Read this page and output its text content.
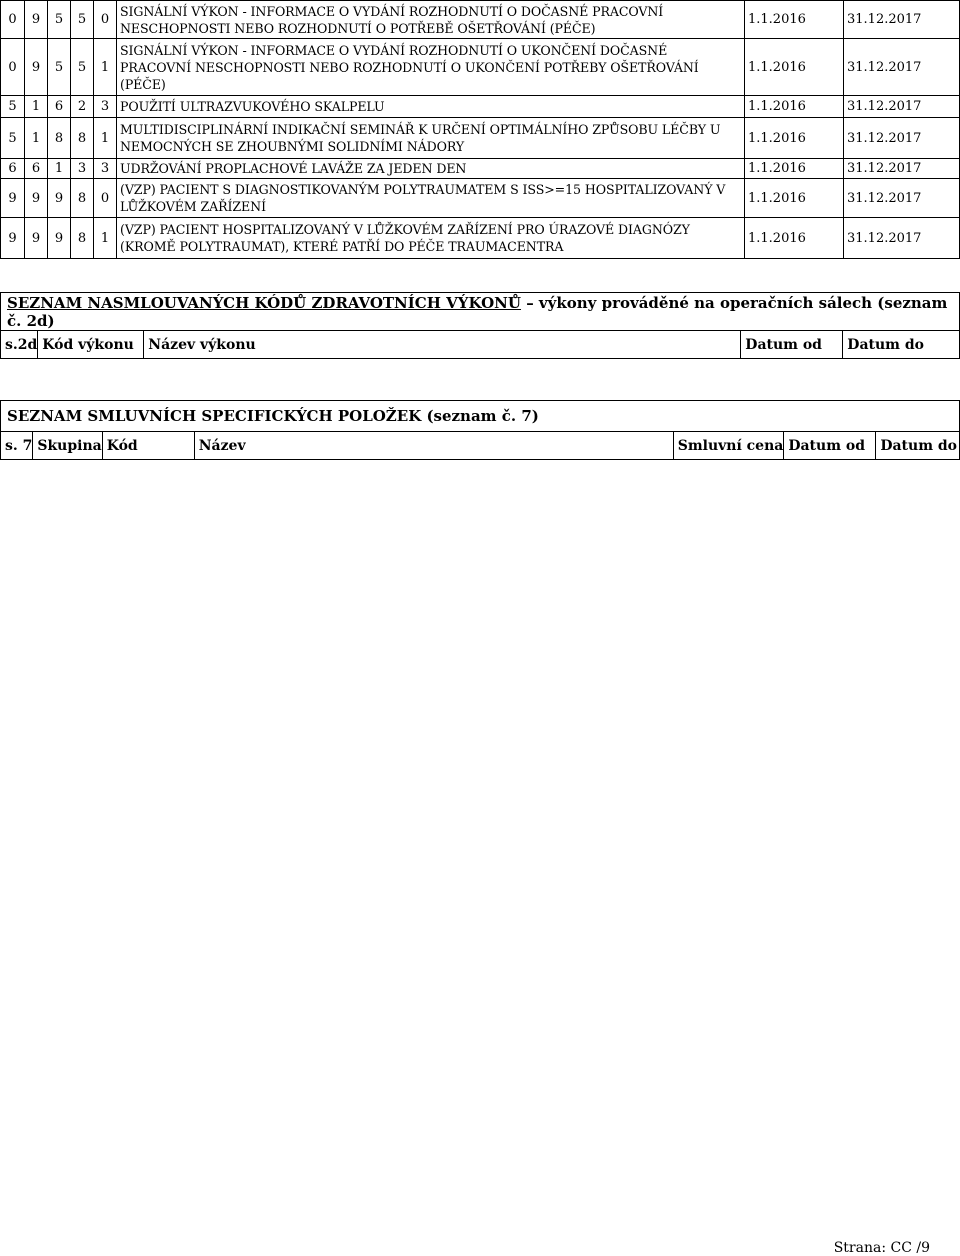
0	9	5	5	0	SIGNÁLNÍ VÝKON - INFORMACE O VYDÁNÍ ROZHODNUTÍ O DOČASNÉ PRACOVNÍ NESCHOPNOSTI NEBO ROZHODNUTÍ O POTŘEBĚ OŠETŘOVÁNÍ (PÉČE)	1.1.2016	31.12.2017
0	9	5	5	1	SIGNÁLNÍ VÝKON - INFORMACE O VYDÁNÍ ROZHODNUTÍ O UKONČENÍ DOČASNÉ PRACOVNÍ NESCHOPNOSTI NEBO ROZHODNUTÍ O UKONČENÍ POTŘEBY OŠETŘOVÁNÍ (PÉČE)	1.1.2016	31.12.2017
5	1	6	2	3	POUŽITÍ ULTRAZVUKOVÉHO SKALPELU	1.1.2016	31.12.2017
5	1	8	8	1	MULTIDISCIPLINÁRNÍ INDIKAČNÍ SEMINÁŘ K URČENÍ OPTIMÁLNÍHO ZPŮSOBU LÉČBY U NEMOCNÝCH SE ZHOUBNÝMI SOLIDNÍMI NÁDORY	1.1.2016	31.12.2017
6	6	1	3	3	UDRŽOVÁNÍ PROPLACHOVÉ LAVÁŽE ZA JEDEN DEN	1.1.2016	31.12.2017
9	9	9	8	0	(VZP) PACIENT S DIAGNOSTIKOVANÝM POLYTRAUMATEM S ISS>=15 HOSPITALIZOVANÝ V LŮŽKOVÉM ZAŘÍZENÍ	1.1.2016	31.12.2017
9	9	9	8	1	(VZP) PACIENT HOSPITALIZOVANÝ V LŮŽKOVÉM ZAŘÍZENÍ PRO ÚRAZOVÉ DIAGNÓZY (KROMĚ POLYTRAUMAT), KTERÉ PATŘÍ DO PÉČE TRAUMACENTRA	1.1.2016	31.12.2017
SEZNAM NASMLOUVANÝCH KÓDŮ ZDRAVOTNÍCH VÝKONŮ – výkony prováděné na operačních sálech (seznam č. 2d)
s.2d	Kód výkonu	Název výkonu	Datum od	Datum do
SEZNAM SMLUVNÍCH SPECIFICKÝCH POLOŽEK (seznam č. 7)
s. 7	Skupina	Kód	Název	Smluvní cena	Datum od	Datum do
Strana: CC /9
